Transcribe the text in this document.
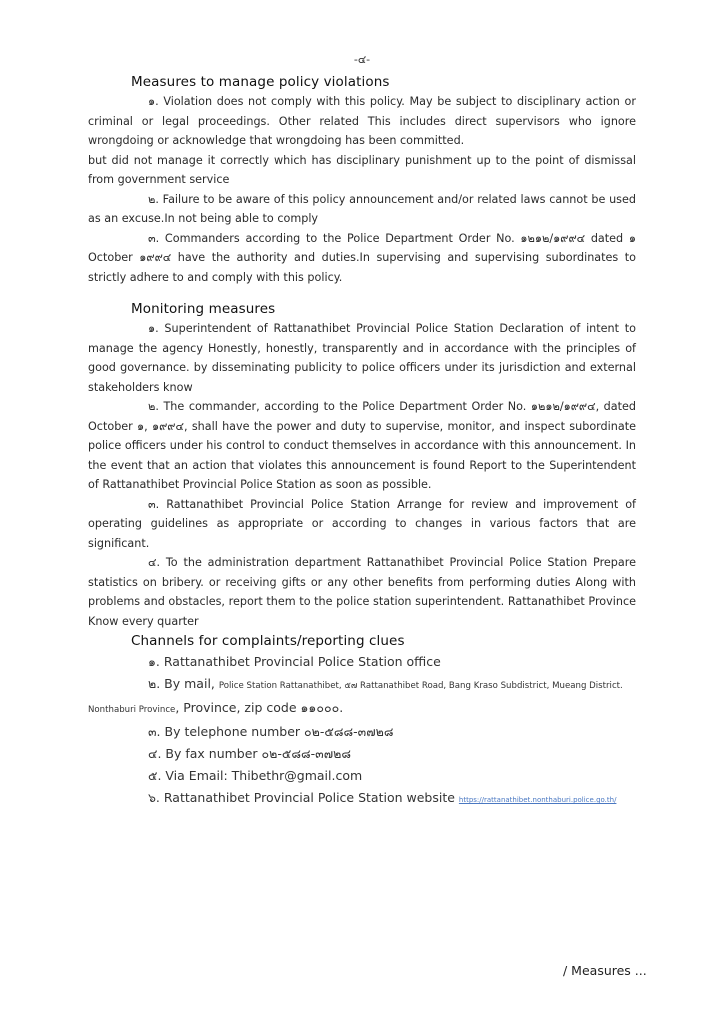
-๔-
Measures to manage policy violations

๑. Violation does not comply with this policy. May be subject to disciplinary action or criminal or legal proceedings. Other related This includes direct supervisors who ignore wrongdoing or acknowledge that wrongdoing has been committed.

but did not manage it correctly which has disciplinary punishment up to the point of dismissal from government service

๒. Failure to be aware of this policy announcement and/or related laws cannot be used as an excuse.In not being able to comply

๓. Commanders according to the Police Department Order No. ๑๒๑๒/๑๙๙๔ dated ๑ October ๑๙๙๔ have the authority and duties.In supervising and supervising subordinates to strictly adhere to and comply with this policy.

Monitoring measures

๑. Superintendent of Rattanathibet Provincial Police Station Declaration of intent to manage the agency Honestly, honestly, transparently and in accordance with the principles of good governance. by disseminating publicity to police officers under its jurisdiction and external stakeholders know

๒. The commander, according to the Police Department Order No. ๑๒๑๒/๑๙๙๔, dated October ๑, ๑๙๙๔, shall have the power and duty to supervise, monitor, and inspect subordinate police officers under his control to conduct themselves in accordance with this announcement. In the event that an action that violates this announcement is found Report to the Superintendent of Rattanathibet Provincial Police Station as soon as possible.

๓. Rattanathibet Provincial Police Station Arrange for review and improvement of operating guidelines as appropriate or according to changes in various factors that are significant.

๔. To the administration department Rattanathibet Provincial Police Station Prepare statistics on bribery. or receiving gifts or any other benefits from performing duties Along with problems and obstacles, report them to the police station superintendent. Rattanathibet Province Know every quarter

Channels for complaints/reporting clues

๑. Rattanathibet Provincial Police Station office

๒. By mail, Police Station Rattanathibet, ๕๗ Rattanathibet Road, Bang Kraso Subdistrict, Mueang District.

Nonthaburi Province, Province, zip code ๑๑๐๐๐.

๓. By telephone number ๐๒-๕๘๘-๓๗๒๘

๔. By fax number ๐๒-๕๘๘-๓๗๒๘

๕. Via Email: Thibethr@gmail.com

๖. Rattanathibet Provincial Police Station website https://rattanathibet.nonthaburi.police.go.th/

/ Measures ...
